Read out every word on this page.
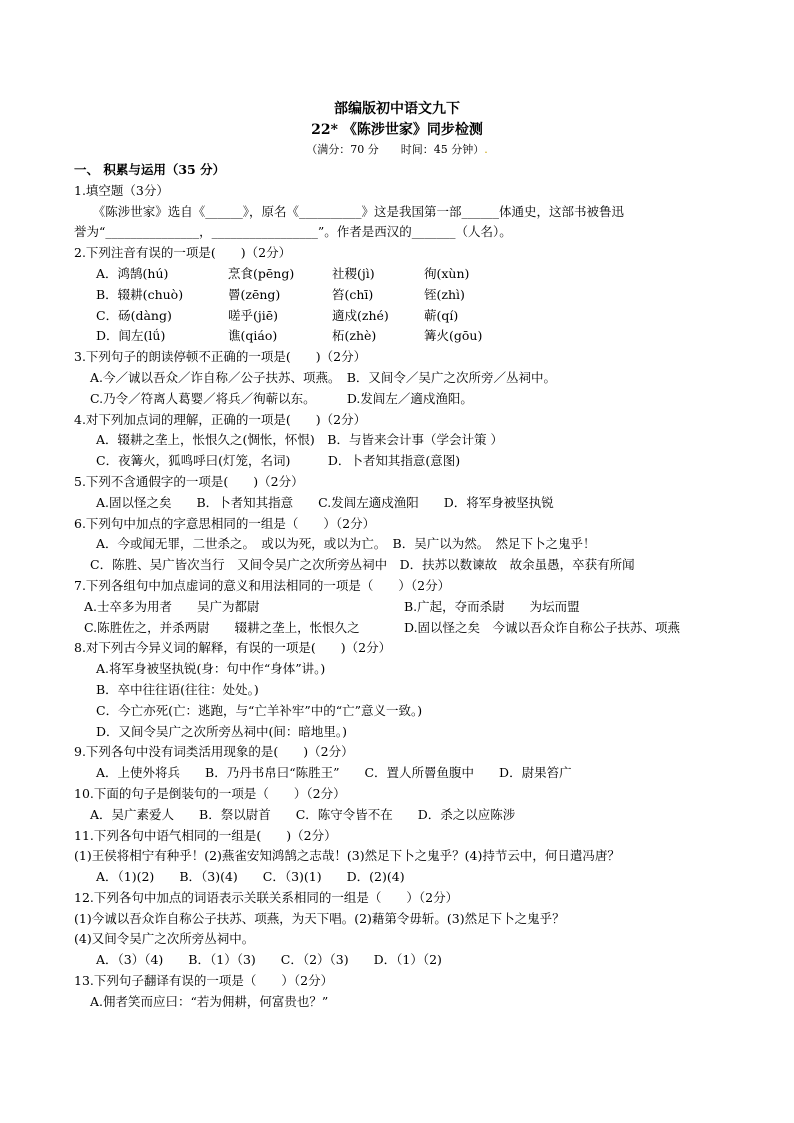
部编版初中语文九下
22* 《陈涉世家》同步检测
（满分：70 分　　时间：45 分钟）.
一、 积累与运用（35 分）
1.填空题（3分）
　　《陈涉世家》选自《______》，原名《__________》这是我国第一部______体通史，这部书被鲁迅
誉为“_______________，_________________”。作者是西汉的_______（人名）。
2.下列注音有误的一项是(　　)（2分）
A．鸿鹄(hú)	烹食(pēng)	社稷(jì)	徇(xùn)
B．辍耕(chuò)	罾(zēng)	笞(chī)	铚(zhì)
C．砀(dàng)	嗟乎(jiē)	適戍(zhé)	蕲(qí)
D．闾左(lǘ)	谯(qiáo)	柘(zhè)	篝火(gōu)
3.下列句子的朗读停顿不正确的一项是(　　)（2分）
A.今／诚以吾众／诈自称／公子扶苏、项燕。　B．又间令／吴广之次所旁／丛祠中。
C.乃令／符离人葛婴／将兵／徇蕲以东。　　　D.发闾左／適戍渔阳。
4.对下列加点词的理解，正确的一项是(　　)（2分）
A．辍耕之垄上，怅恨久之(惆怅，怀恨)　B．与皆来会计事（学会计策 ）
C．夜篝火，狐鸣呼曰(灯笼，名词)　　　D．卜者知其指意(意图)
5.下列不含通假字的一项是(　　)（2分）
A.固以怪之矣　　B．卜者知其指意　　C.发闾左適戍渔阳　　D．将军身被坚执锐
6.下列句中加点的字意思相同的一组是（　　）（2分）
A．今或闻无罪，二世杀之。　或以为死，或以为亡。　B．吴广以为然。　然足下卜之鬼乎！
C．陈胜、吴广皆次当行　又间令吴广之次所旁丛祠中　D．扶苏以数谏故　故余虽愚，卒获有所闻
7.下列各组句中加点虚词的意义和用法相同的一项是（　　）（2分）
A.士卒多为用者　　吴广为都尉	B.广起，夺而杀尉　　为坛而盟
C.陈胜佐之，并杀两尉　　辍耕之垄上，怅恨久之	D.固以怪之矣　今诚以吾众诈自称公子扶苏、项燕
8.对下列古今异义词的解释，有误的一项是(　　)（2分）
A.将军身被坚执锐(身：句中作“身体”讲。)
B．卒中往往语(往往：处处。)
C．今亡亦死(亡：逃跑，与“亡羊补牢”中的“亡”意义一致。)
D．又间令吴广之次所旁丛祠中(间：暗地里。)
9.下列各句中没有词类活用现象的是(　　)（2分）
A．上使外将兵　　B．乃丹书帛曰“陈胜王”　　C．置人所罾鱼腹中　　D．尉果笞广
10.下面的句子是倒装句的一项是（　　）（2分）
A．吴广素爱人　　B．祭以尉首　　C．陈守令皆不在　　D．杀之以应陈涉
11.下列各句中语气相同的一组是(　　)（2分）
(1)王侯将相宁有种乎！(2)燕雀安知鸿鹄之志哉！(3)然足下卜之鬼乎？(4)持节云中，何日遣冯唐？
A．（1)(2)　　B．（3)(4)　　C．（3)(1)　　D．(2)(4)
12.下列各句中加点的词语表示关联关系相同的一组是（　　）（2分）
(1)今诚以吾众诈自称公子扶苏、项燕，为天下唱。(2)藉第令毋斩。(3)然足下卜之鬼乎？
(4)又间令吴广之次所旁丛祠中。
A．（3）（4)　　B．（1）（3)　　C．（2）（3)　　D．（1）（2)
13.下列句子翻译有误的一项是（　　）（2分）
A.佣者笑而应曰：“若为佣耕，何富贵也？”
